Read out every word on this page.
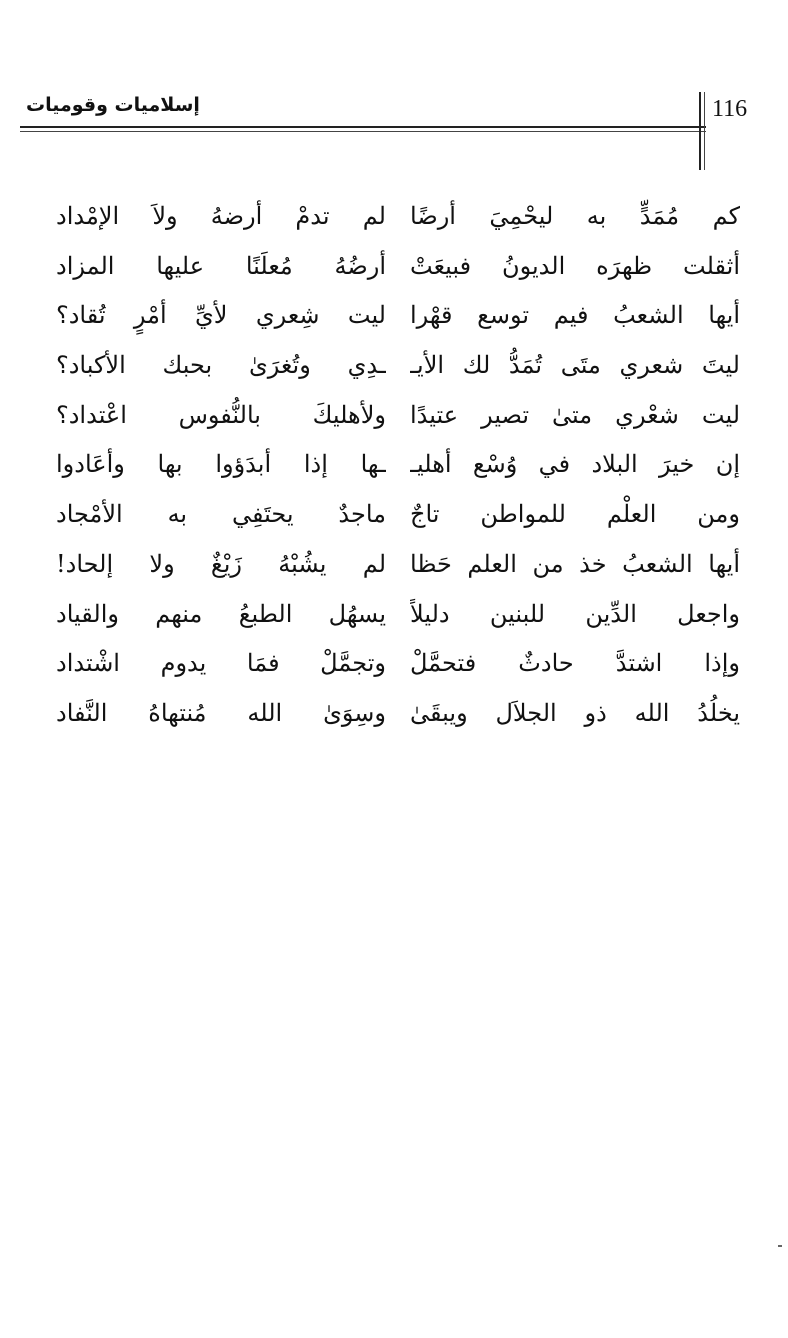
116
إسلاميات وقوميات
كم مُمَدٍّ به ليحْمِيَ أرضًا
لم تدمْ أرضهُ ولاَ الإمْداد
أثقلت ظهرَه الديونُ فبيعَتْ
أرضُهُ مُعلَنًا عليها المزاد
أيها الشعبُ فيم توسع قهْرا
ليت شِعري لأيِّ أمْرٍ تُقاد؟
ليتَ شعري متَى تُمَدُّ لك الأيـ
ـدِي وتُغرَىٰ بحبك الأكباد؟
ليت شعْري متىٰ تصير عتيدًا
ولأهليكَ بالنُّفوس اعْتداد؟
إن خيرَ البلاد في وُسْع أهليـ
ـها إذا أبدَؤوا بها وأعَادوا
ومن العلْم للمواطن تاجٌ
ماجدٌ يحتَفِي به الأمْجاد
أيها الشعبُ خذ من العلم حَظا
لم يشُبْهُ زَيْغٌ ولا إلحاد!
واجعل الدِّين للبنين دليلاً
يسهُل الطبعُ منهم والقياد
وإذا اشتدَّ حادثٌ فتحمَّلْ
وتجمَّلْ فمَا يدوم اشْتداد
يخلُدُ الله ذو الجلاَل ويبقَىٰ
وسِوَىٰ الله مُنتهاهُ النَّفاد
